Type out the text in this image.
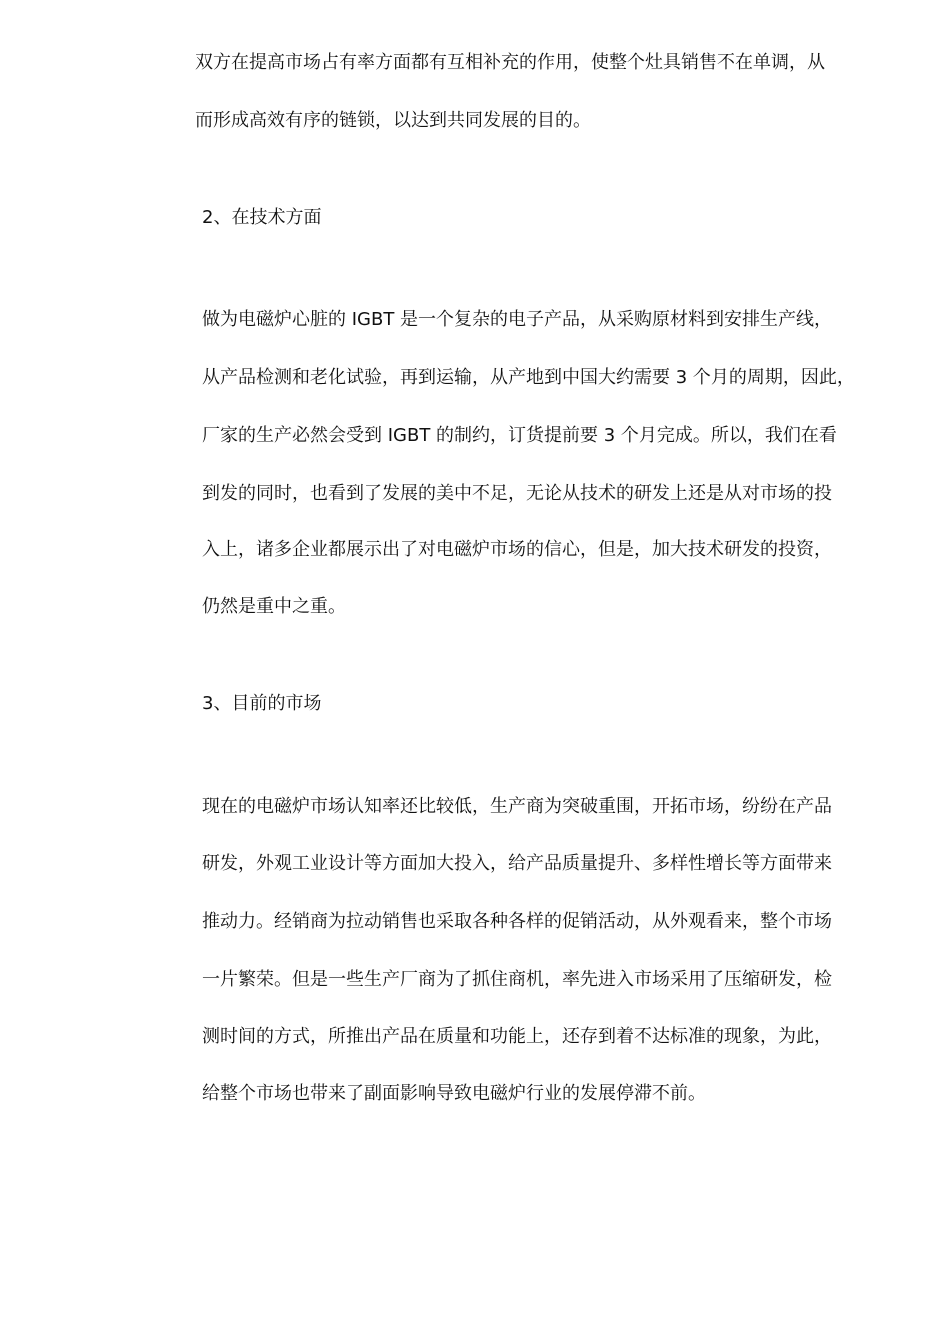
双方在提高市场占有率方面都有互相补充的作用，使整个灶具销售不在单调，从

而形成高效有序的链锁，以达到共同发展的目的。

2、在技术方面

做为电磁炉心脏的 IGBT 是一个复杂的电子产品，从采购原材料到安排生产线，

从产品检测和老化试验，再到运输，从产地到中国大约需要 3 个月的周期，因此，

厂家的生产必然会受到 IGBT 的制约，订货提前要 3 个月完成。所以，我们在看

到发的同时，也看到了发展的美中不足，无论从技术的研发上还是从对市场的投

入上，诸多企业都展示出了对电磁炉市场的信心，但是，加大技术研发的投资，

仍然是重中之重。

3、目前的市场

现在的电磁炉市场认知率还比较低，生产商为突破重围，开拓市场，纷纷在产品

研发，外观工业设计等方面加大投入，给产品质量提升、多样性增长等方面带来

推动力。经销商为拉动销售也采取各种各样的促销活动，从外观看来，整个市场

一片繁荣。但是一些生产厂商为了抓住商机，率先进入市场采用了压缩研发，检

测时间的方式，所推出产品在质量和功能上，还存到着不达标准的现象，为此，

给整个市场也带来了副面影响导致电磁炉行业的发展停滞不前。
